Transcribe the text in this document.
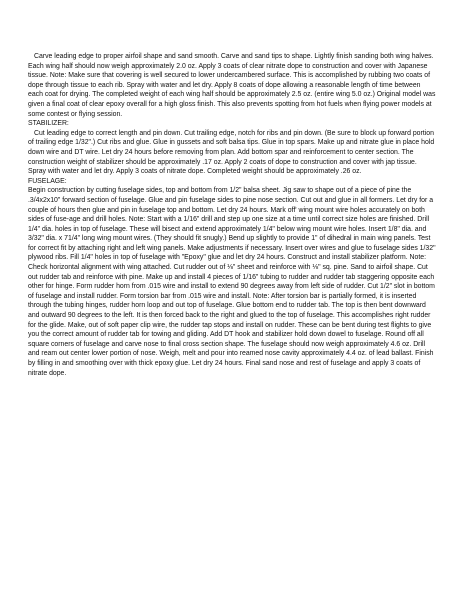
Carve leading edge to proper airfoil shape and sand smooth. Carve and sand tips to shape. Lightly finish sanding both wing halves. Each wing half should now weigh approximately 2.0 oz. Apply 3 coats of clear nitrate dope to construction and cover with Japanese tissue. Note: Make sure that covering is well secured to lower undercambered surface. This is accomplished by rubbing two coats of dope through tissue to each rib. Spray with water and let dry. Apply 8 coats of dope allowing a reasonable length of time between each coat for drying. The completed weight of each wing half should be approximately 2.5 oz. (entire wing 5.0 oz.) Original model was given a final coat of clear epoxy overall for a high gloss finish. This also prevents spotting from hot fuels when flying power models at some contest or flying session.

STABILIZER:

Cut leading edge to correct length and pin down. Cut trailing edge, notch for ribs and pin down. (Be sure to block up forward portion of trailing edge 1/32".) Cut ribs and glue. Glue in gussets and soft balsa tips. Glue in top spars. Make up and nitrate glue in place hold down wire and DT wire. Let dry 24 hours before removing from plan. Add bottom spar and reinforcement to center section. The construction weight of stabilizer should be approximately .17 oz. Apply 2 coats of dope to construction and cover with jap tissue. Spray with water and let dry. Apply 3 coats of nitrate dope. Completed weight should be approximately .26 oz.

FUSELAGE:

Begin construction by cutting fuselage sides, top and bottom from 1/2" balsa sheet. Jig saw to shape out of a piece of pine the .3/4x2x10" forward section of fuselage. Glue and pin fuselage sides to pine nose section. Cut out and glue in all formers. Let dry for a couple of hours then glue and pin in fuselage top and bottom. Let dry 24 hours. Mark off' wing mount wire holes accurately on both sides of fuse-age and drill holes. Note: Start with a 1/16" drill and step up one size at a time until correct size holes are finished. Drill 1/4" dia. holes in top of fuselage. These will bisect and extend approximately 1/4" below wing mount wire holes. Insert 1/8" dia. and 3/32" dia. x 71/4" long wing mount wires. (They should fit snugly.) Bend up slightly to provide 1" of dihedral in main wing panels. Test for correct fit by attaching right and left wing panels. Make adjustments if necessary. Insert over wires and glue to fuselage sides 1/32" plywood ribs. Fill 1/4" holes in top of fuselage with "Epoxy" glue and let dry 24 hours. Construct and install stabilizer platform. Note: Check horizontal alignment with wing attached. Cut rudder out of ⅛" sheet and reinforce with ⅛" sq. pine. Sand to airfoil shape. Cut out rudder tab and reinforce with pine. Make up and install 4 pieces of 1/16" tubing to rudder and rudder tab staggering opposite each other for hinge. Form rudder horn from .015 wire and install to extend 90 degrees away from left side of rudder. Cut 1/2" slot in bottom of fuselage and install rudder. Form torsion bar from .015 wire and install. Note: After torsion bar is partially formed, it is inserted through the tubing hinges, rudder horn loop and out top of fuselage. Glue bottom end to rudder tab. The top is then bent downward and outward 90 degrees to the left. It is then forced back to the right and glued to the top of fuselage. This accomplishes right rudder for the glide. Make, out of soft paper clip wire, the rudder tap stops and install on rudder. These can be bent during test flights to give you the correct amount of rudder tab for towing and gliding. Add DT hook and stabilizer hold down dowel to fuselage. Round off all square corners of fuselage and carve nose to final cross section shape. The fuselage should now weigh approximately 4.6 oz. Drill and ream out center lower portion of nose. Weigh, melt and pour into reamed nose cavity approximately 4.4 oz. of lead ballast. Finish by filling in and smoothing over with thick epoxy glue. Let dry 24 hours. Final sand nose and rest of fuselage and apply 3 coats of nitrate dope.
